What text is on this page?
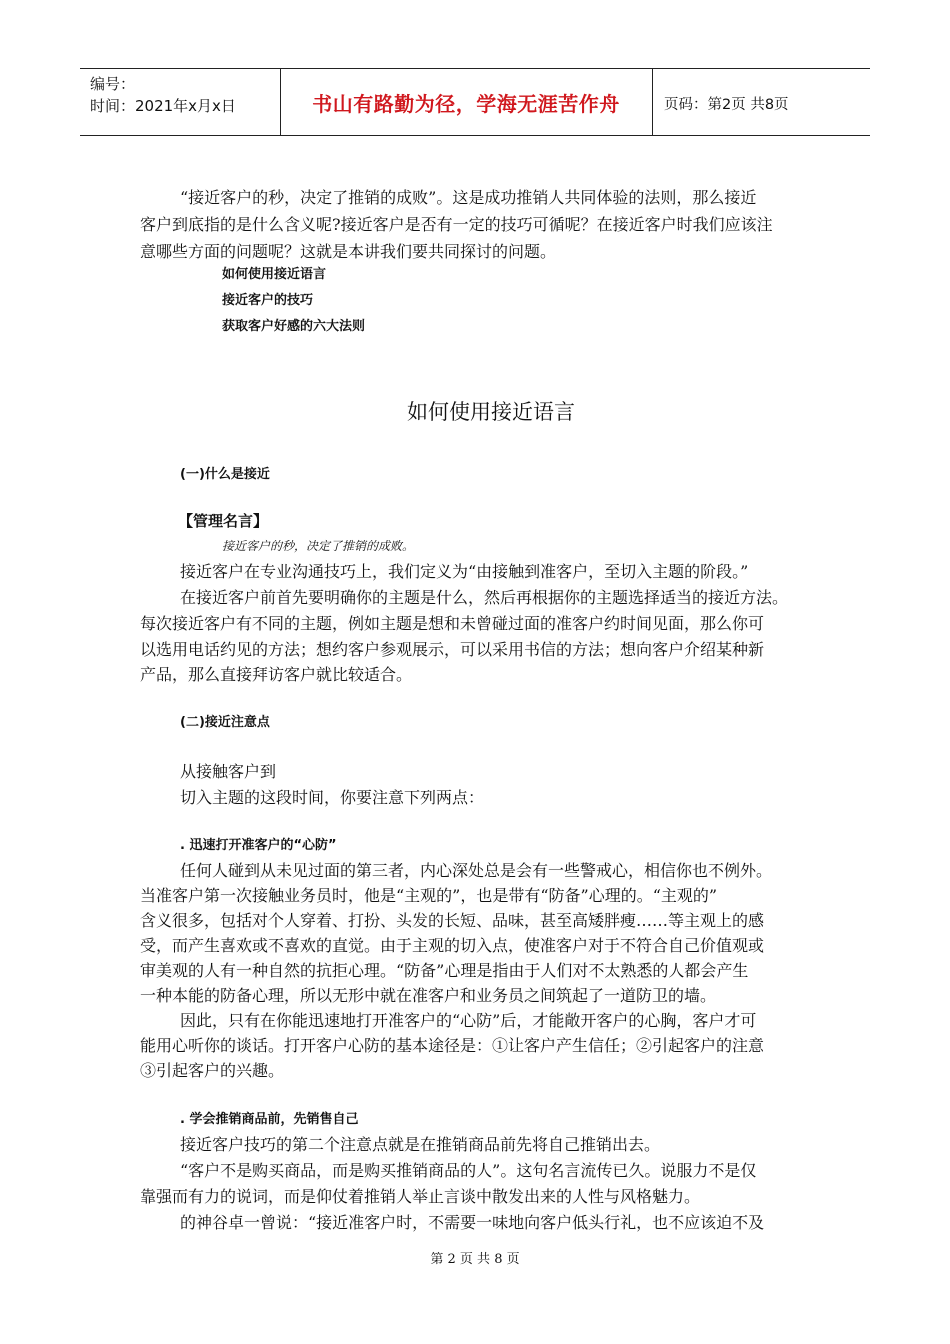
编号：
时间：2021年x月x日	书山有路勤为径，学海无涯苦作舟	页码：第2页 共8页
“接近客户的秒，决定了推销的成败”。这是成功推销人共同体验的法则，那么接近
客户到底指的是什么含义呢?接近客户是否有一定的技巧可循呢？在接近客户时我们应该注
意哪些方面的问题呢？这就是本讲我们要共同探讨的问题。
如何使用接近语言
接近客户的技巧
获取客户好感的六大法则
如何使用接近语言
(一)什么是接近
【管理名言】
接近客户的秒，决定了推销的成败。
接近客户在专业沟通技巧上，我们定义为“由接触到准客户，至切入主题的阶段。”
在接近客户前首先要明确你的主题是什么，然后再根据你的主题选择适当的接近方法。
每次接近客户有不同的主题，例如主题是想和未曾碰过面的准客户约时间见面，那么你可
以选用电话约见的方法；想约客户参观展示，可以采用书信的方法；想向客户介绍某种新
产品，那么直接拜访客户就比较适合。
(二)接近注意点
从接触客户到
切入主题的这段时间，你要注意下列两点：
. 迅速打开准客户的“心防”
任何人碰到从未见过面的第三者，内心深处总是会有一些警戒心，相信你也不例外。
当准客户第一次接触业务员时，他是“主观的”，也是带有“防备”心理的。“主观的”
含义很多，包括对个人穿着、打扮、头发的长短、品味，甚至高矮胖瘦……等主观上的感
受，而产生喜欢或不喜欢的直觉。由于主观的切入点，使准客户对于不符合自己价值观或
审美观的人有一种自然的抗拒心理。“防备”心理是指由于人们对不太熟悉的人都会产生
一种本能的防备心理，所以无形中就在准客户和业务员之间筑起了一道防卫的墙。
因此，只有在你能迅速地打开准客户的“心防”后，才能敞开客户的心胸，客户才可
能用心听你的谈话。打开客户心防的基本途径是：①让客户产生信任；②引起客户的注意
③引起客户的兴趣。
. 学会推销商品前，先销售自己
接近客户技巧的第二个注意点就是在推销商品前先将自己推销出去。
“客户不是购买商品，而是购买推销商品的人”。这句名言流传已久。说服力不是仅
靠强而有力的说词，而是仰仗着推销人举止言谈中散发出来的人性与风格魅力。
的神谷卓一曾说：“接近准客户时，不需要一味地向客户低头行礼，也不应该迫不及
第 2 页 共 8 页
